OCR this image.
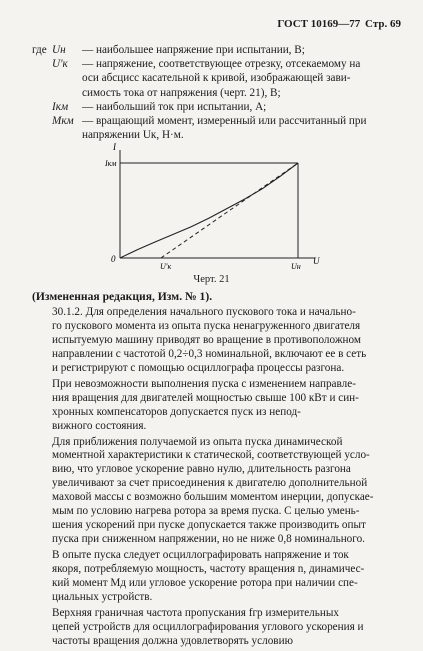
ГОСТ 10169—77 Стр. 69
где Uн	— наибольшее напряжение при испытании, В;
U'к	— напряжение, соответствующее отрезку, отсекаемому на
оси абсцисс касательной к кривой, изображающей зави-
симость тока от напряжения (черт. 21), В;
Iкм	— наибольший ток при испытании, А;
Mкм — вращающий момент, измеренный или рассчитанный при
напряжении Uк, Н·м.
I
Iкм
0
U'к	Uн
U
Черт. 21
(Измененная редакция, Изм. № 1).
30.1.2. Для определения начального пускового тока и начально-
го пускового момента из опыта пуска ненагруженного двигателя
испытуемую машину приводят во вращение в противоположном
направлении с частотой 0,2÷0,3 номинальной, включают ее в сеть
и регистрируют с помощью осциллографа процессы разгона.
При невозможности выполнения пуска с изменением направле-
ния вращения для двигателей мощностью свыше 100 кВт и син-
хронных компенсаторов допускается пуск из непод-
вижного состояния.
Для приближения получаемой из опыта пуска динамической
моментной характеристики к статической, соответствующей усло-
вию, что угловое ускорение равно нулю, длительность разгона
увеличивают за счет присоединения к двигателю дополнительной
маховой массы с возможно большим моментом инерции, допускае-
мым по условию нагрева ротора за время пуска. С целью умень-
шения ускорений при пуске допускается также производить опыт
пуска при сниженном напряжении, но не ниже 0,8 номинального.
В опыте пуска следует осциллографировать напряжение и ток
якоря, потребляемую мощность, частоту вращения n, динамичес-
кий момент Mд или угловое ускорение ротора при наличии спе-
циальных устройств.
Верхняя граничная частота пропускания fгр измерительных
цепей устройств для осциллографирования углового ускорения и
частоты вращения должна удовлетворять условию
